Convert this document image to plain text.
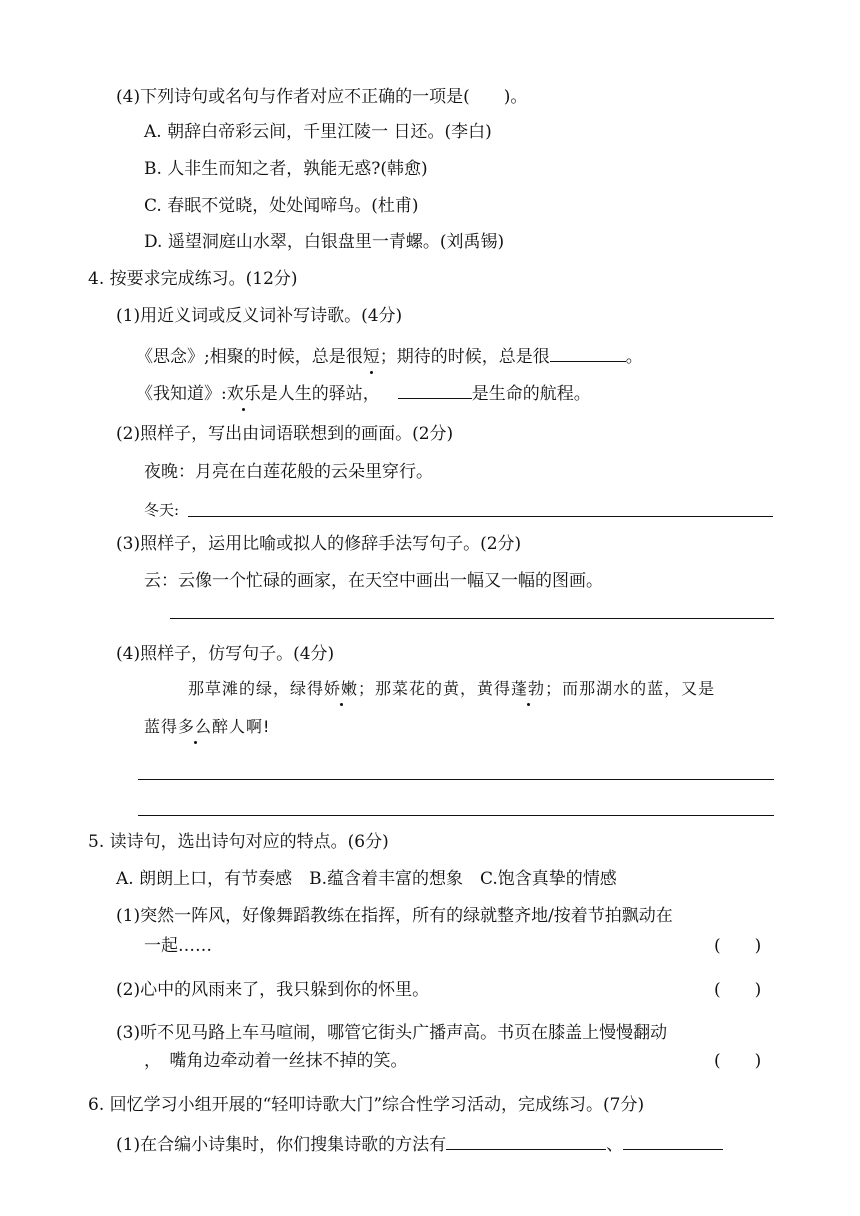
(4)下列诗句或名句与作者对应不正确的一项是(　　)。
A. 朝辞白帝彩云间，千里江陵一 日还。(李白)
B. 人非生而知之者，孰能无惑?(韩愈)
C. 春眠不觉晓，处处闻啼鸟。(杜甫)
D. 遥望洞庭山水翠，白银盘里一青螺。(刘禹锡)
4. 按要求完成练习。(12分)
(1)用近义词或反义词补写诗歌。(4分)
《思念》;相聚的时候，总是很短；期待的时候，总是很	。
《我知道》:欢乐是人生的驿站，	是生命的航程。
(2)照样子，写出由词语联想到的画面。(2分)
夜晚：月亮在白莲花般的云朵里穿行。
冬天:
(3)照样子，运用比喻或拟人的修辞手法写句子。(2分)
云：云像一个忙碌的画家，在天空中画出一幅又一幅的图画。
(4)照样子，仿写句子。(4分)
那草滩的绿，绿得娇嫩；那菜花的黄，黄得蓬勃；而那湖水的蓝，又是
蓝得多么醉人啊!
5. 读诗句，选出诗句对应的特点。(6分)
A. 朗朗上口，有节奏感　B.蕴含着丰富的想象　C.饱含真挚的情感
(1)突然一阵风，好像舞蹈教练在指挥，所有的绿就整齐地/按着节拍飘动在
一起……	(　　)
(2)心中的风雨来了，我只躲到你的怀里。	(　　)
(3)听不见马路上车马喧闹，哪管它街头广播声高。书页在膝盖上慢慢翻动
，　嘴角边牵动着一丝抹不掉的笑。	(　　)
6. 回忆学习小组开展的“轻叩诗歌大门”综合性学习活动，完成练习。(7分)
(1)在合编小诗集时，你们搜集诗歌的方法有	、
